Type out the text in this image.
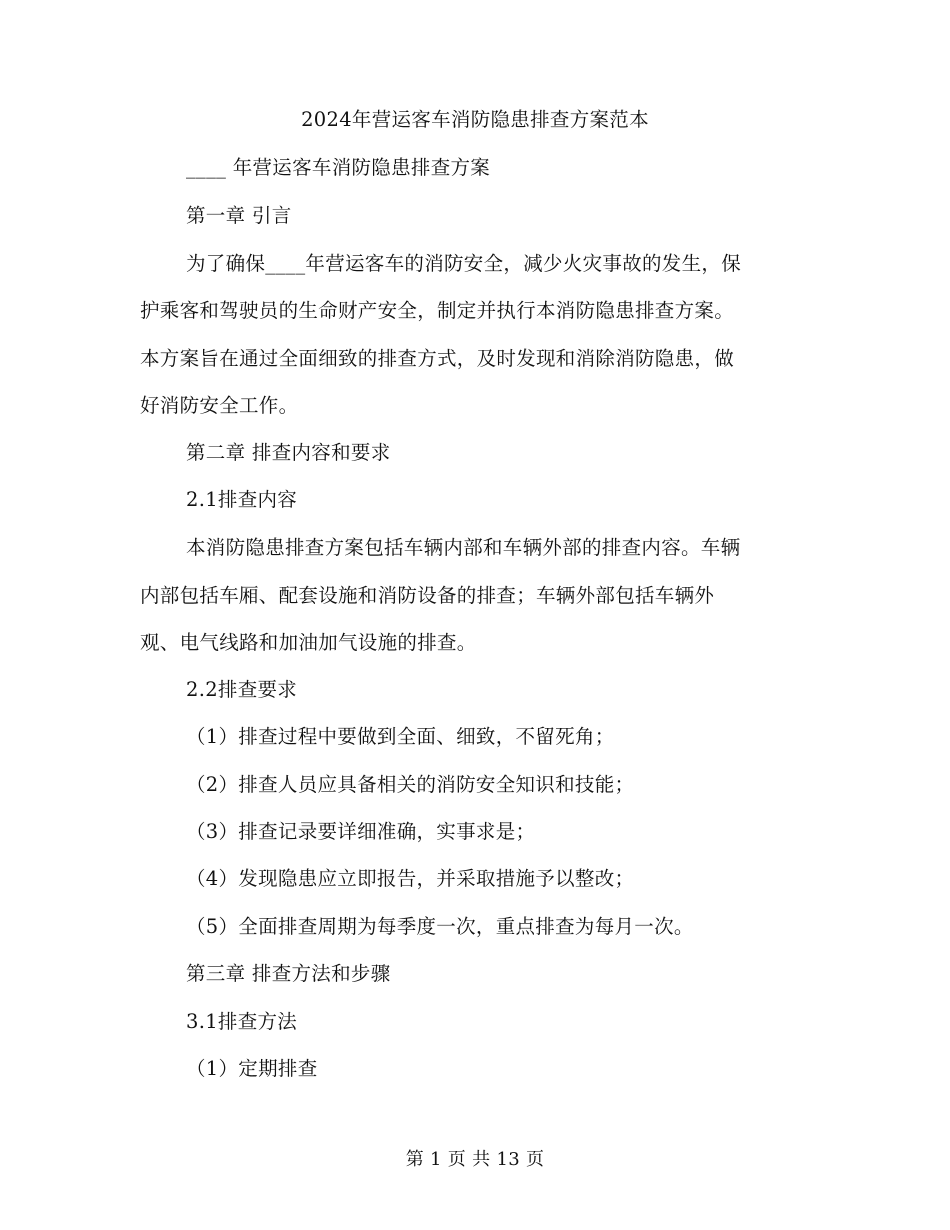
2024年营运客车消防隐患排查方案范本
____ 年营运客车消防隐患排查方案
第一章 引言
为了确保____年营运客车的消防安全，减少火灾事故的发生，保
护乘客和驾驶员的生命财产安全，制定并执行本消防隐患排查方案。
本方案旨在通过全面细致的排查方式，及时发现和消除消防隐患，做
好消防安全工作。
第二章 排查内容和要求
2.1排查内容
本消防隐患排查方案包括车辆内部和车辆外部的排查内容。车辆
内部包括车厢、配套设施和消防设备的排查；车辆外部包括车辆外
观、电气线路和加油加气设施的排查。
2.2排查要求
（1）排查过程中要做到全面、细致，不留死角；
（2）排查人员应具备相关的消防安全知识和技能；
（3）排查记录要详细准确，实事求是；
（4）发现隐患应立即报告，并采取措施予以整改；
（5）全面排查周期为每季度一次，重点排查为每月一次。
第三章 排查方法和步骤
3.1排查方法
（1）定期排查
第 1 页 共 13 页
